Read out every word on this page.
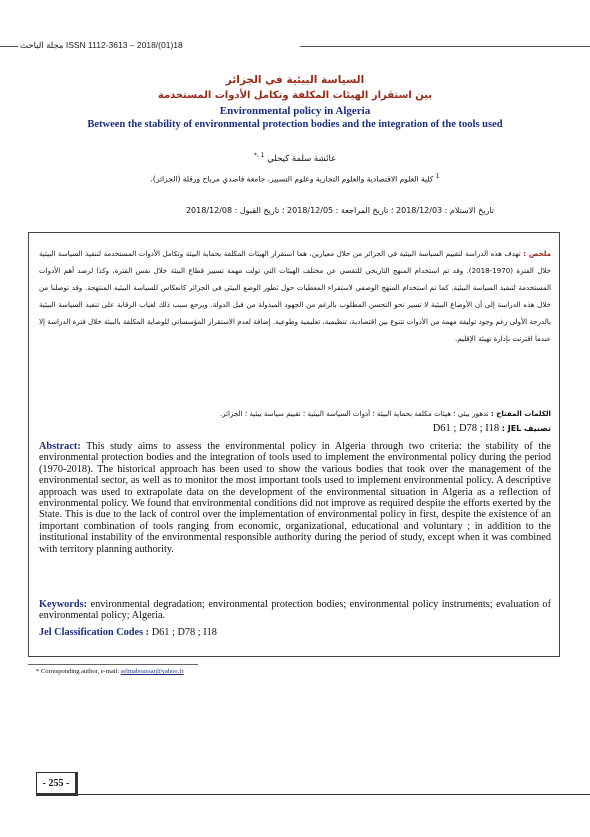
مجلة الباحث ISSN 1112-3613 – 2018/(01)18
السياسة البيئية في الجزائر
بين استقرار الهيئات المكلفة وتكامل الأدوات المستخدمة
Environmental policy in Algeria
Between the stability of environmental protection bodies and the integration of the tools used
عائشة سلمة كيحلي $^{1 ،*}$
$^1$ كلية العلوم الاقتصادية والعلوم التجارية وعلوم التسيير، جامعة قاصدي مرباح ورقلة (الجزائر)،
تاريخ الاستلام : 2018/12/03 ؛ تاريخ المراجعة : 2018/12/05 ؛ تاريخ القبول : 2018/12/08
ملخص : تهدف هذه الدراسة لتقييم السياسة البيئية في الجزائر من خلال معيارين، هما استقرار الهيئات المكلفة بحماية البيئة وتكامل الأدوات المستخدمة لتنفيذ السياسة البيئية خلال الفترة (1970-2018). وقد تم استخدام المنهج التاريخي للتقصي عن مختلف الهيئات التي تولت مهمة تسيير قطاع البيئة خلال نفس الفترة، وكذا لرصد أهم الأدوات المستخدمة لتنفيذ السياسة البيئية. كما تم استخدام المنهج الوصفي لاستقراء المعطيات حول تطور الوضع البيئي في الجزائر كانعكاس للسياسة البيئية المنتهجة. وقد توصلنا من خلال هذه الدراسة إلى أن الأوضاع البيئية لا تسير نحو التحسن المطلوب بالرغم من الجهود المبذولة من قبل الدولة. ويرجع سبب ذلك لغياب الرقابة على تنفيذ السياسة البيئية بالدرجة الأولى رغم وجود توليفة مهمة من الأدوات تتنوع بين اقتصادية، تنظيمية، تعليمية وطوعية. إضافة لعدم الاستقرار المؤسساتي للوصاية المكلفة بالبيئة خلال فترة الدراسة إلا عندما اقترنت بإدارة تهيئة الإقليم.
الكلمات المفتاح : تدهور بيئي ؛ هيئات مكلفة بحماية البيئة ؛ أدوات السياسة البيئية ؛ تقييم سياسة بيئية ؛ الجزائر.
تصنيف JEL : D61 ; D78 ; I18
Abstract: This study aims to assess the environmental policy in Algeria through two criteria: the stability of the environmental protection bodies and the integration of tools used to implement the environmental policy during the period (1970-2018). The historical approach has been used to show the various bodies that took over the management of the environmental sector, as well as to monitor the most important tools used to implement environmental policy. A descriptive approach was used to extrapolate data on the development of the environmental situation in Algeria as a reflection of environmental policy. We found that environmental conditions did not improve as required despite the efforts exerted by the State. This is due to the lack of control over the implementation of environmental policy in first, despite the existence of an important combination of tools ranging from economic, organizational, educational and voluntary ; in addition to the institutional instability of the environmental responsible authority during the period of study, except when it was combined with territory planning authority.
Keywords: environmental degradation; environmental protection bodies; environmental policy instruments; evaluation of environmental policy; Algeria.
Jel Classification Codes : D61 ; D78 ; I18
* Corresponding author, e-mail: selmaboussar@yahoo.fr
- 255 -
